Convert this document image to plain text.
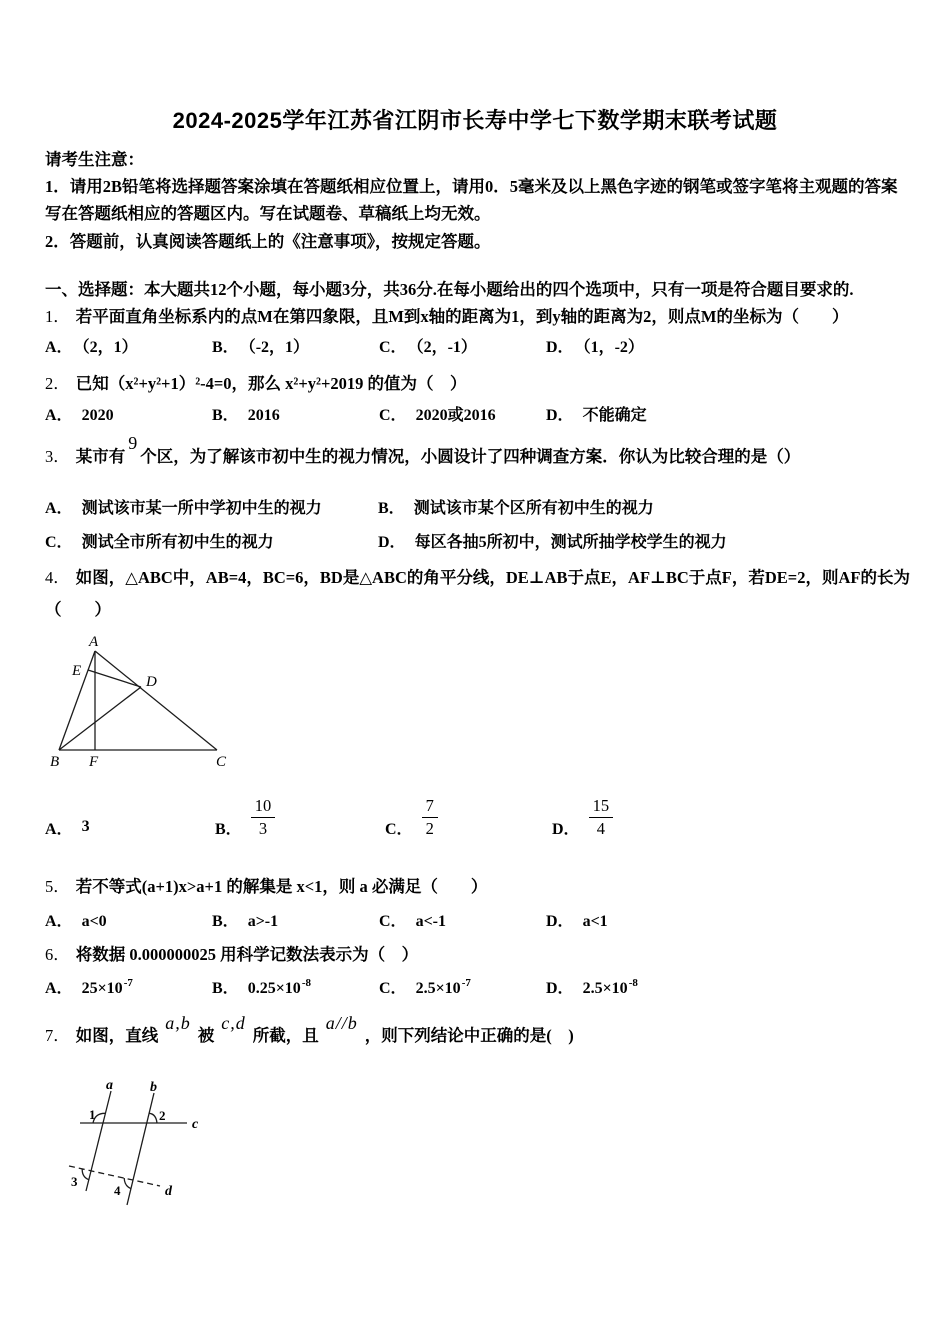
2024-2025学年江苏省江阴市长寿中学七下数学期末联考试题
请考生注意：
1．请用2B铅笔将选择题答案涂填在答题纸相应位置上，请用0．5毫米及以上黑色字迹的钢笔或签字笔将主观题的答案写在答题纸相应的答题区内。写在试题卷、草稿纸上均无效。
2．答题前，认真阅读答题纸上的《注意事项》，按规定答题。
一、选择题：本大题共12个小题，每小题3分，共36分.在每小题给出的四个选项中，只有一项是符合题目要求的.
1． 若平面直角坐标系内的点M在第四象限，且M到x轴的距离为1，到y轴的距离为2，则点M的坐标为（　　）
A． （2，1）	B． （-2，1）	C． （2，-1）	D． （1，-2）
2． 已知（x²+y²+1）²-4=0，那么 x²+y²+2019 的值为（　）
A． 2020	B． 2016	C． 2020或2016	D． 不能确定
3． 某市有9个区，为了解该市初中生的视力情况，小圆设计了四种调查方案．你认为比较合理的是（）
A． 测试该市某一所中学初中生的视力	B． 测试该市某个区所有初中生的视力
C． 测试全市所有初中生的视力	D． 每区各抽5所初中，测试所抽学校学生的视力
4． 如图，△ABC中，AB=4，BC=6，BD是△ABC的角平分线，DE⊥AB于点E，AF⊥BC于点F，若DE=2，则AF的长为（　　）
A
E
D
B F	C
A． 3	B． $\frac{10}{3}$	C． $\frac{7}{2}$	D． $\frac{15}{4}$
5． 若不等式(a+1)x>a+1 的解集是 x<1，则 a 必满足（　　）
A． a<0	B． a>-1	C． a<-1	D． a<1
6． 将数据 0.000000025 用科学记数法表示为（　）
A． $25\times 10^{-7}$	B． $0.25\times 10^{-8}$	C． $2.5\times 10^{-7}$	D． $2.5\times 10^{-8}$
7． 如图，直线a,b被c,d所截，且a//b，则下列结论中正确的是(　)
a	b
c
d
1	2
3
4
